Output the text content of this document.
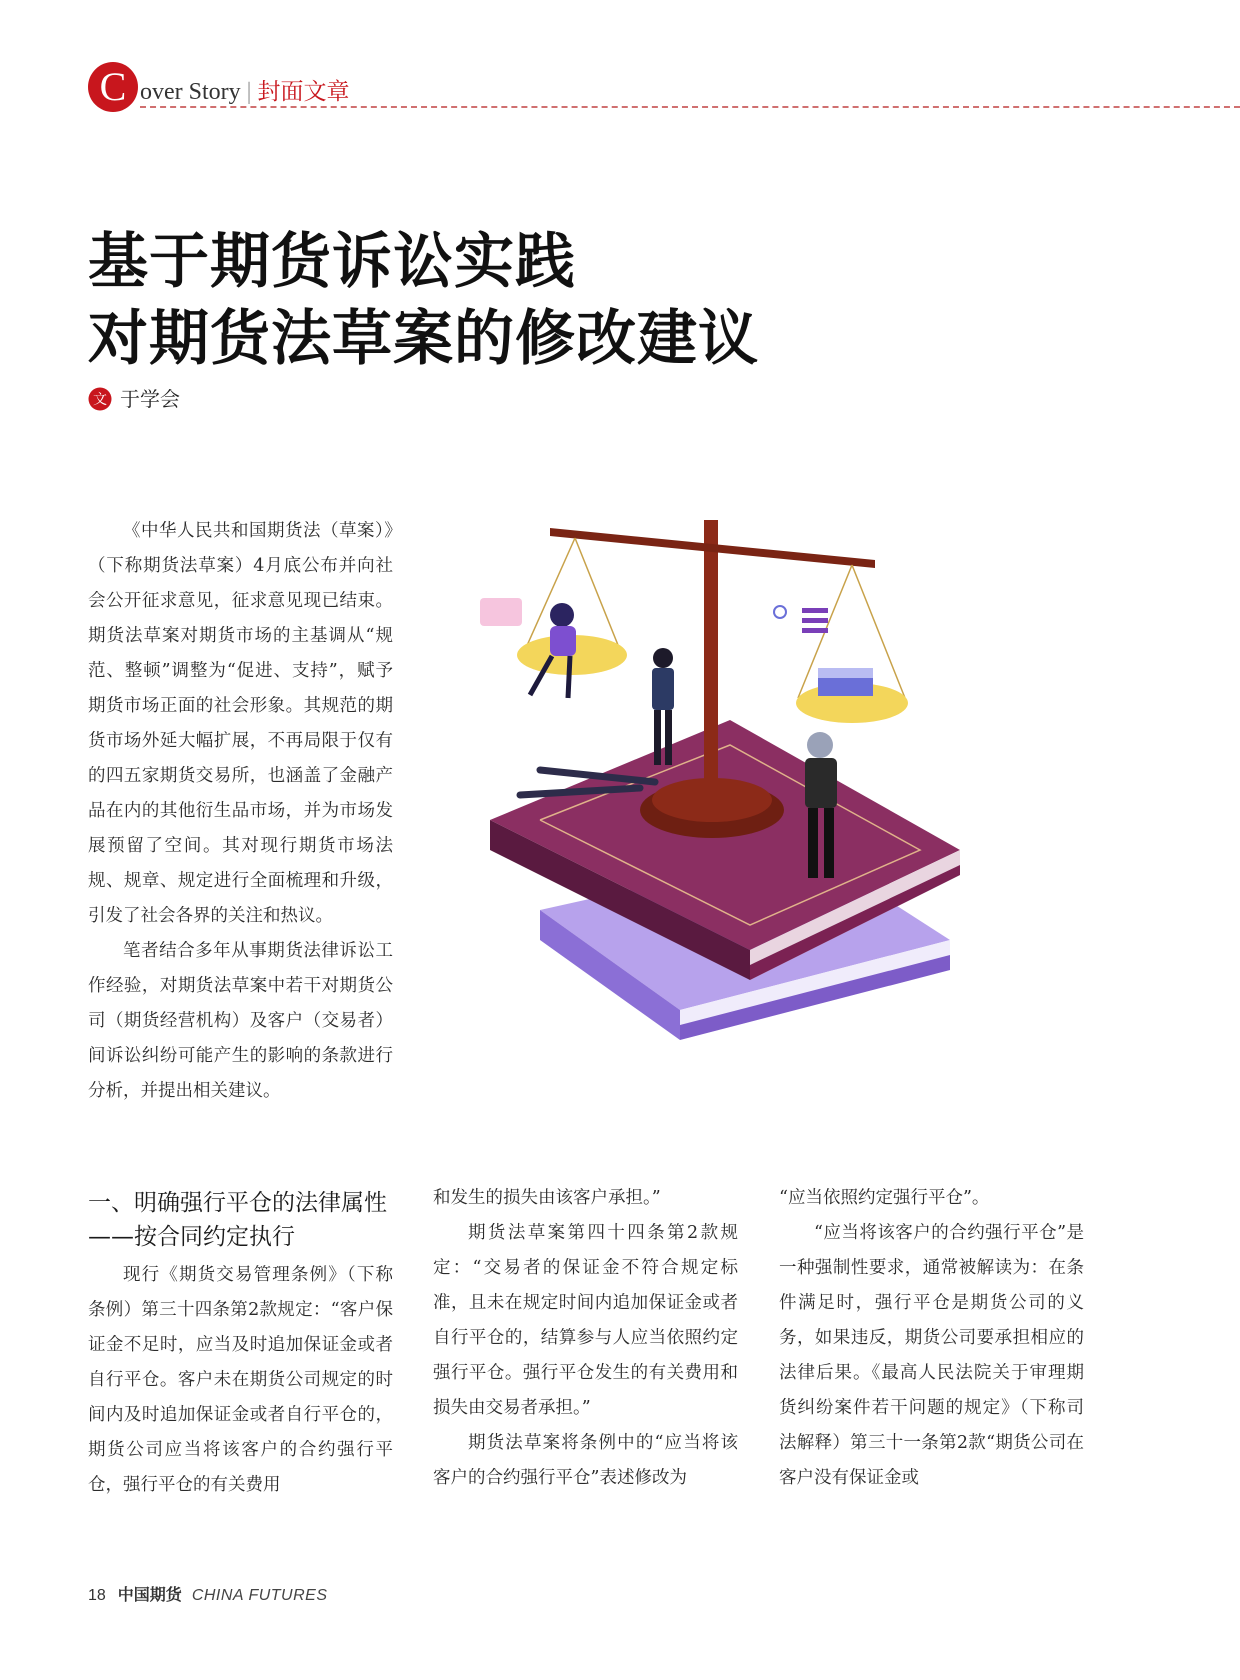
C over Story | 封面文章
基于期货诉讼实践
对期货法草案的修改建议
文 于学会

《中华人民共和国期货法（草案）》（下称期货法草案）4月底公布并向社会公开征求意见，征求意见现已结束。期货法草案对期货市场的主基调从“规范、整顿”调整为“促进、支持”，赋予期货市场正面的社会形象。其规范的期货市场外延大幅扩展，不再局限于仅有的四五家期货交易所，也涵盖了金融产品在内的其他衍生品市场，并为市场发展预留了空间。其对现行期货市场法规、规章、规定进行全面梳理和升级，引发了社会各界的关注和热议。

笔者结合多年从事期货法律诉讼工作经验，对期货法草案中若干对期货公司（期货经营机构）及客户（交易者）间诉讼纠纷可能产生的影响的条款进行分析，并提出相关建议。

一、明确强行平仓的法律属性——按合同约定执行

现行《期货交易管理条例》（下称条例）第三十四条第2款规定：“客户保证金不足时，应当及时追加保证金或者自行平仓。客户未在期货公司规定的时间内及时追加保证金或者自行平仓的，期货公司应当将该客户的合约强行平仓，强行平仓的有关费用

和发生的损失由该客户承担。”

期货法草案第四十四条第2款规定：“交易者的保证金不符合规定标准，且未在规定时间内追加保证金或者自行平仓的，结算参与人应当依照约定强行平仓。强行平仓发生的有关费用和损失由交易者承担。”

期货法草案将条例中的“应当将该客户的合约强行平仓”表述修改为

“应当依照约定强行平仓”。

“应当将该客户的合约强行平仓”是一种强制性要求，通常被解读为：在条件满足时，强行平仓是期货公司的义务，如果违反，期货公司要承担相应的法律后果。《最高人民法院关于审理期货纠纷案件若干问题的规定》（下称司法解释）第三十一条第2款“期货公司在客户没有保证金或

18 中国期货 CHINA FUTURES
